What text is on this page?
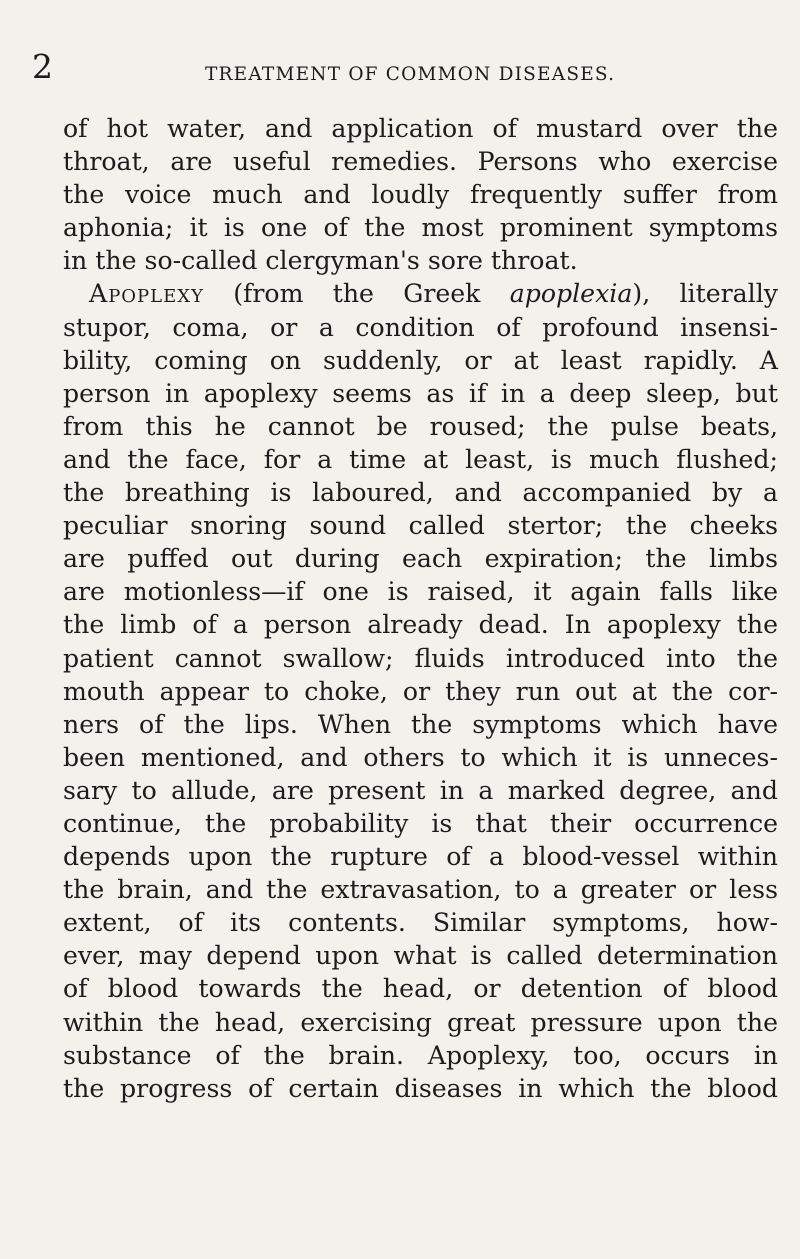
2	TREATMENT OF COMMON DISEASES.
of hot water, and application of mustard over the
throat, are useful remedies. Persons who exercise
the voice much and loudly frequently suffer from
aphonia; it is one of the most prominent symptoms
in the so-called clergyman's sore throat.
Apoplexy (from the Greek apoplexia), literally
stupor, coma, or a condition of profound insensi-
bility, coming on suddenly, or at least rapidly. A
person in apoplexy seems as if in a deep sleep, but
from this he cannot be roused; the pulse beats,
and the face, for a time at least, is much flushed;
the breathing is laboured, and accompanied by a
peculiar snoring sound called stertor; the cheeks
are puffed out during each expiration; the limbs
are motionless—if one is raised, it again falls like
the limb of a person already dead. In apoplexy the
patient cannot swallow; fluids introduced into the
mouth appear to choke, or they run out at the cor-
ners of the lips. When the symptoms which have
been mentioned, and others to which it is unneces-
sary to allude, are present in a marked degree, and
continue, the probability is that their occurrence
depends upon the rupture of a blood-vessel within
the brain, and the extravasation, to a greater or less
extent, of its contents. Similar symptoms, how-
ever, may depend upon what is called determination
of blood towards the head, or detention of blood
within the head, exercising great pressure upon the
substance of the brain. Apoplexy, too, occurs in
the progress of certain diseases in which the blood
